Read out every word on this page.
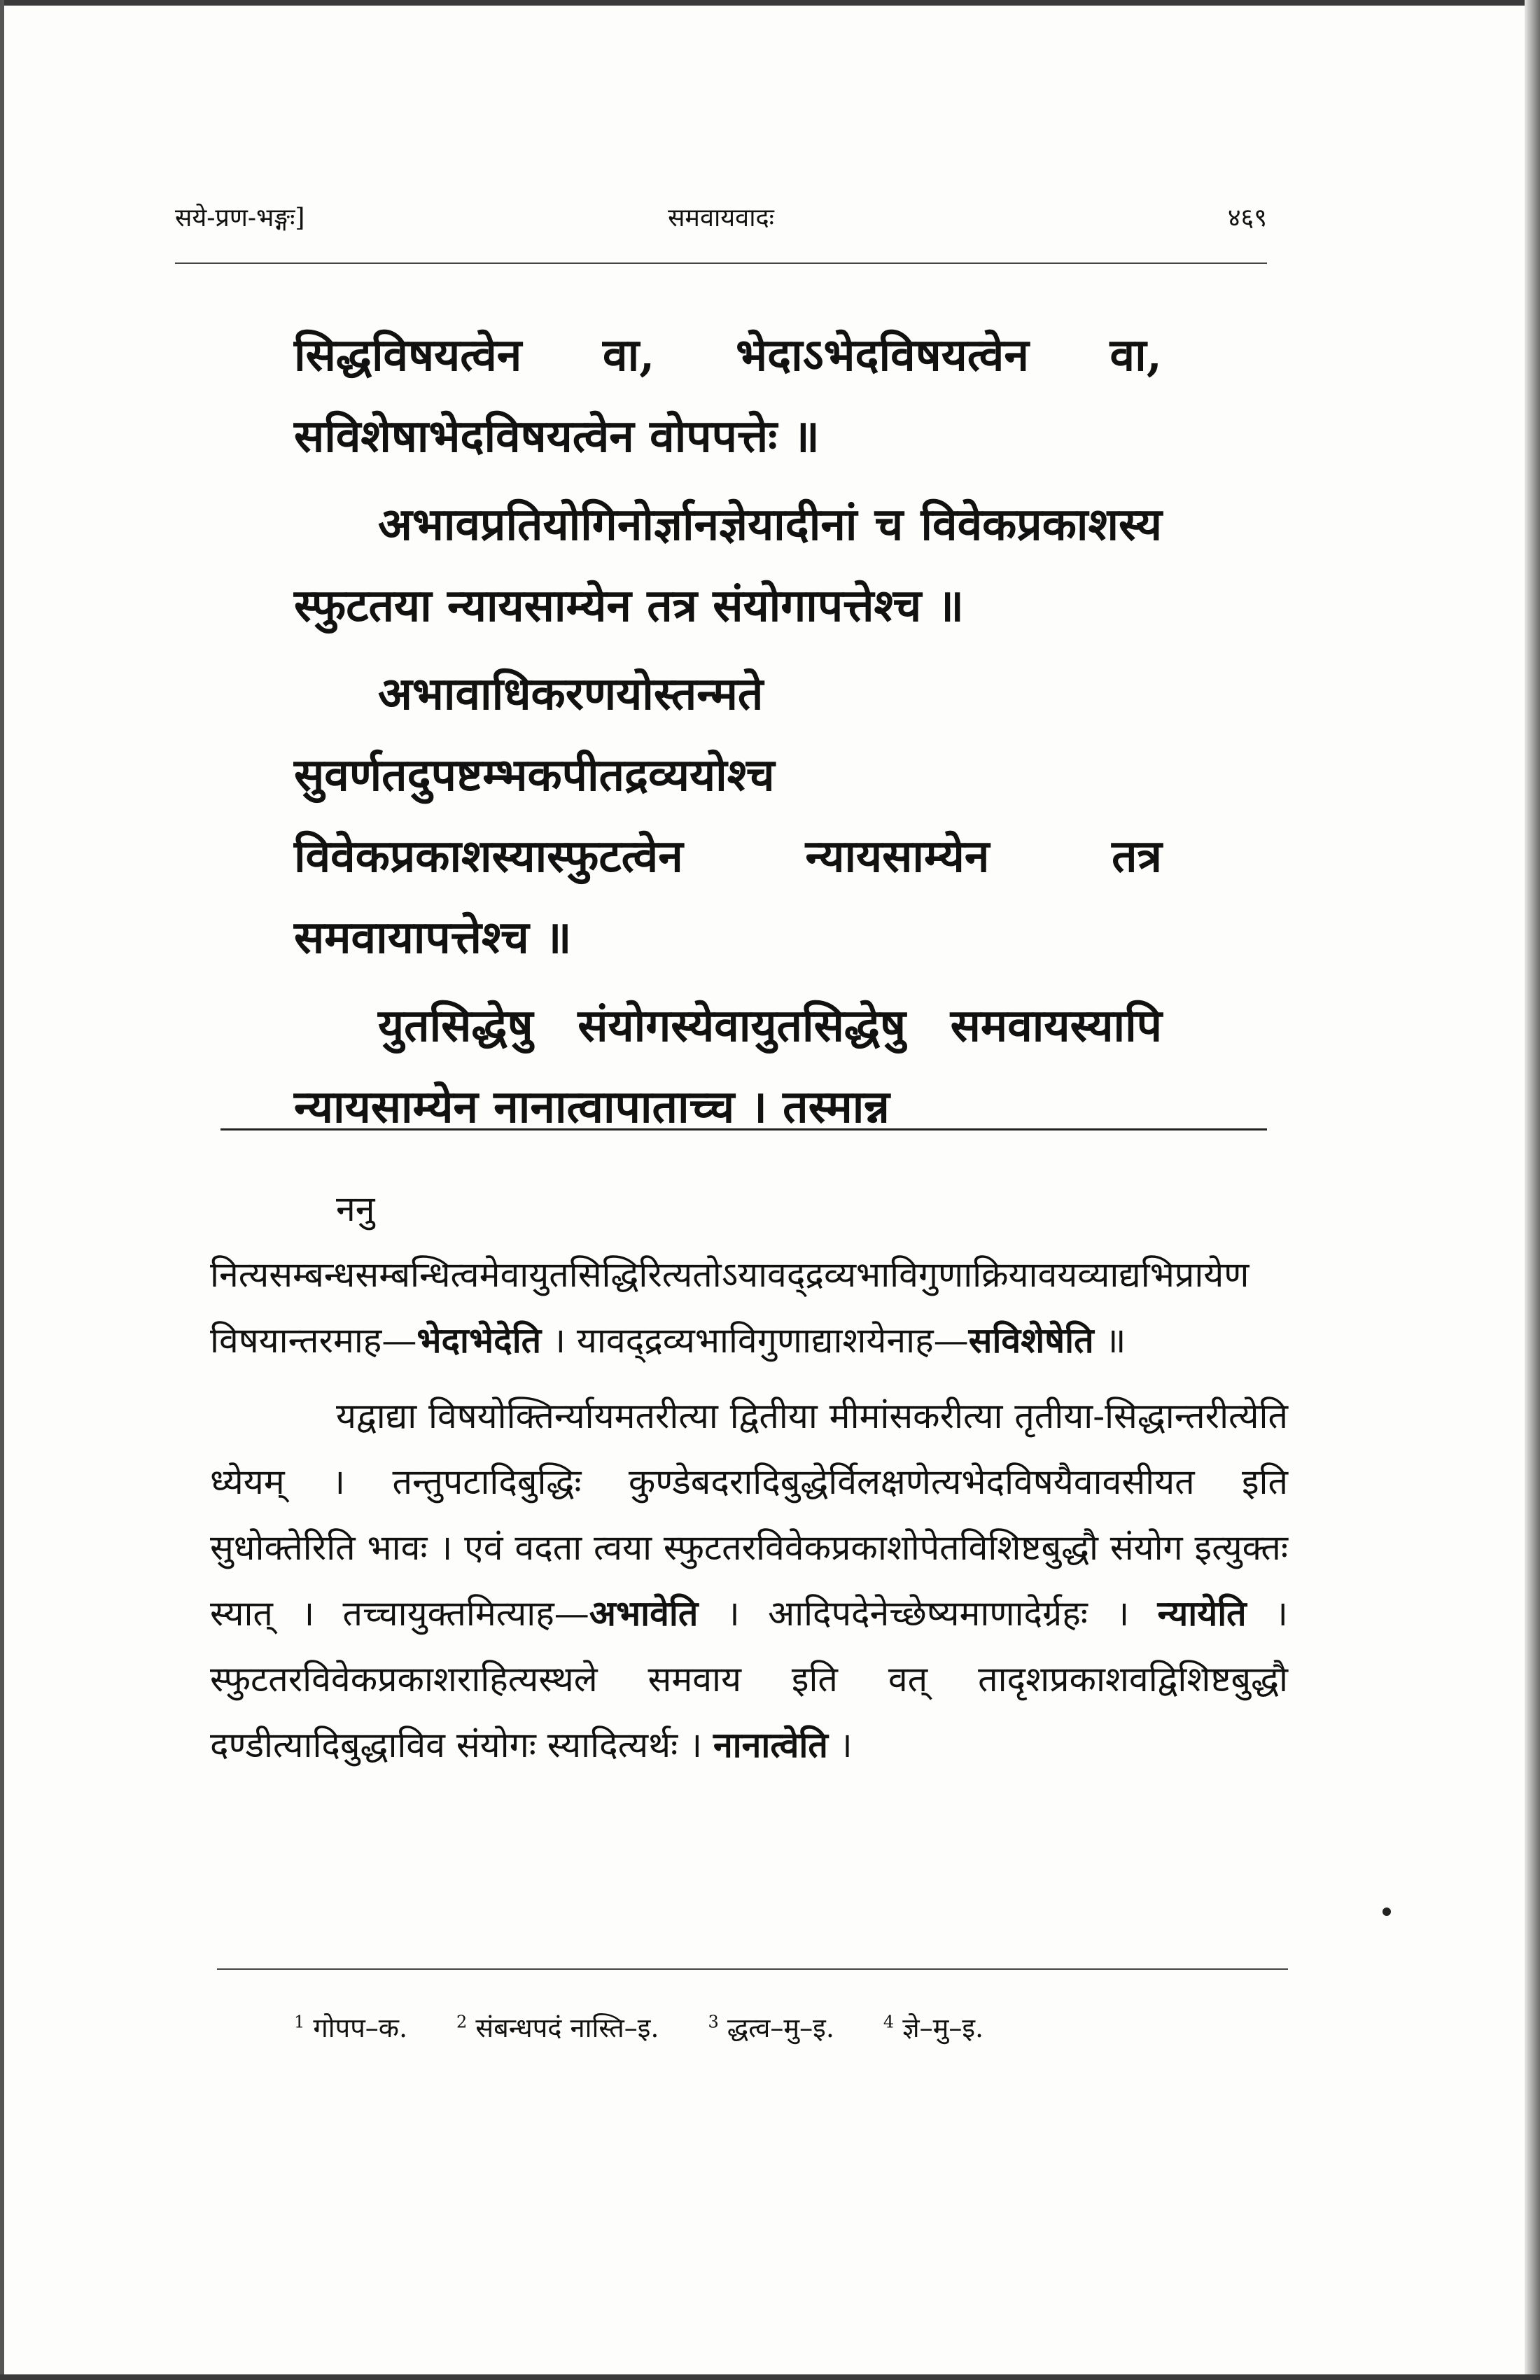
सये-प्रण-भङ्गः]	समवायवादः	४६९

सिद्धविषयत्वेन वा, भेदाऽभेदविषयत्वेन वा, सविशेषाभेदविषयत्वेन वोपपत्तेः ॥

अभावप्रतियोगिनोर्ज्ञानज्ञेयादीनां च विवेकप्रकाशस्य स्फुटतया न्यायसाम्येन तत्र संयोगापत्तेश्च ॥

अभावाधिकरणयोस्तन्मते सुवर्णतदुपष्टम्भकपीतद्रव्ययोश्च विवेकप्रकाशस्यास्फुटत्वेन न्यायसाम्येन तत्र समवायापत्तेश्च ॥

युतसिद्धेषु संयोगस्येवायुतसिद्धेषु समवायस्यापि न्यायसाम्येन नानात्वापाताच्च । तस्मान्न

ननु नित्यसम्बन्धसम्बन्धित्वमेवायुतसिद्धिरित्यतोऽयावद्द्रव्यभाविगुणाक्रियावयव्याद्यभिप्रायेण विषयान्तरमाह—भेदाभेदेति । यावद्द्रव्यभाविगुणाद्याशयेनाह—सविशेषेति ॥

यद्वाद्या विषयोक्तिर्न्यायमतरीत्या द्वितीया मीमांसकरीत्या तृतीया-सिद्धान्तरीत्येति ध्येयम् । तन्तुपटादिबुद्धिः कुण्डेबदरादिबुद्धेर्विलक्षणेत्यभेदविषयैवावसीयत इति सुधोक्तेरिति भावः । एवं वदता त्वया स्फुटतरविवेकप्रकाशोपेतविशिष्टबुद्धौ संयोग इत्युक्तः स्यात् । तच्चायुक्तमित्याह—अभावेति । आदिपदेनेच्छेष्यमाणादेर्ग्रहः । न्यायेति । स्फुटतरविवेकप्रकाशराहित्यस्थले समवाय इति वत् तादृशप्रकाशवद्विशिष्टबुद्धौ दण्डीत्यादिबुद्धाविव संयोगः स्यादित्यर्थः । नानात्वेति ।

$^1$ गोपप–क.	$^2$ संबन्धपदं नास्ति–इ.	$^3$ द्धत्व–मु–इ.	$^4$ ज्ञे–मु–इ.
